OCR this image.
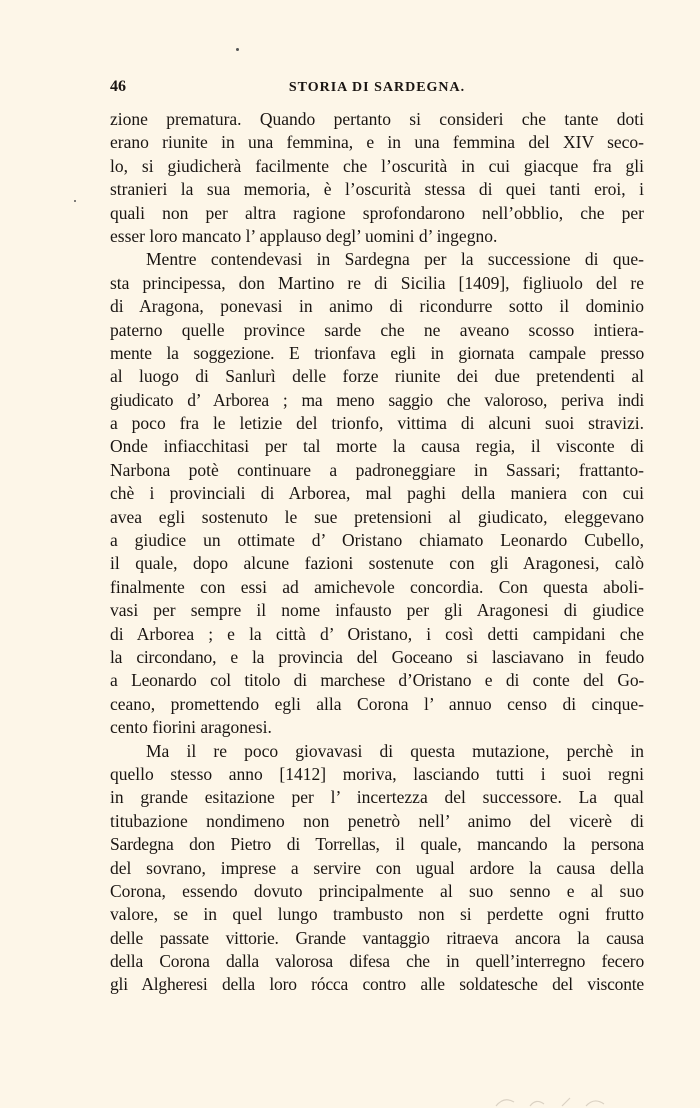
46	STORIA DI SARDEGNA.

zione prematura. Quando pertanto si consideri che tante doti
erano riunite in una femmina, e in una femmina del XIV seco-
lo, si giudicherà facilmente che l’oscurità in cui giacque fra gli
stranieri la sua memoria, è l’oscurità stessa di quei tanti eroi, i
quali non per altra ragione sprofondarono nell’obblio, che per
esser loro mancato l’ applauso degl’ uomini d’ ingegno.

Mentre contendevasi in Sardegna per la successione di que-
sta principessa, don Martino re di Sicilia [1409], figliuolo del re
di Aragona, ponevasi in animo di ricondurre sotto il dominio
paterno quelle province sarde che ne aveano scosso intiera-
mente la soggezione. E trionfava egli in giornata campale presso
al luogo di Sanlurì delle forze riunite dei due pretendenti al
giudicato d’ Arborea ; ma meno saggio che valoroso, periva indi
a poco fra le letizie del trionfo, vittima di alcuni suoi stravizi.
Onde infiacchitasi per tal morte la causa regia, il visconte di
Narbona potè continuare a padroneggiare in Sassari; frattanto-
chè i provinciali di Arborea, mal paghi della maniera con cui
avea egli sostenuto le sue pretensioni al giudicato, eleggevano
a giudice un ottimate d’ Oristano chiamato Leonardo Cubello,
il quale, dopo alcune fazioni sostenute con gli Aragonesi, calò
finalmente con essi ad amichevole concordia. Con questa aboli-
vasi per sempre il nome infausto per gli Aragonesi di giudice
di Arborea ; e la città d’ Oristano, i così detti campidani che
la circondano, e la provincia del Goceano si lasciavano in feudo
a Leonardo col titolo di marchese d’Oristano e di conte del Go-
ceano, promettendo egli alla Corona l’ annuo censo di cinque-
cento fiorini aragonesi.

Ma il re poco giovavasi di questa mutazione, perchè in
quello stesso anno [1412] moriva, lasciando tutti i suoi regni
in grande esitazione per l’ incertezza del successore. La qual
titubazione nondimeno non penetrò nell’ animo del vicerè di
Sardegna don Pietro di Torrellas, il quale, mancando la persona
del sovrano, imprese a servire con ugual ardore la causa della
Corona, essendo dovuto principalmente al suo senno e al suo
valore, se in quel lungo trambusto non si perdette ogni frutto
delle passate vittorie. Grande vantaggio ritraeva ancora la causa
della Corona dalla valorosa difesa che in quell’interregno fecero
gli Algheresi della loro rócca contro alle soldatesche del visconte
